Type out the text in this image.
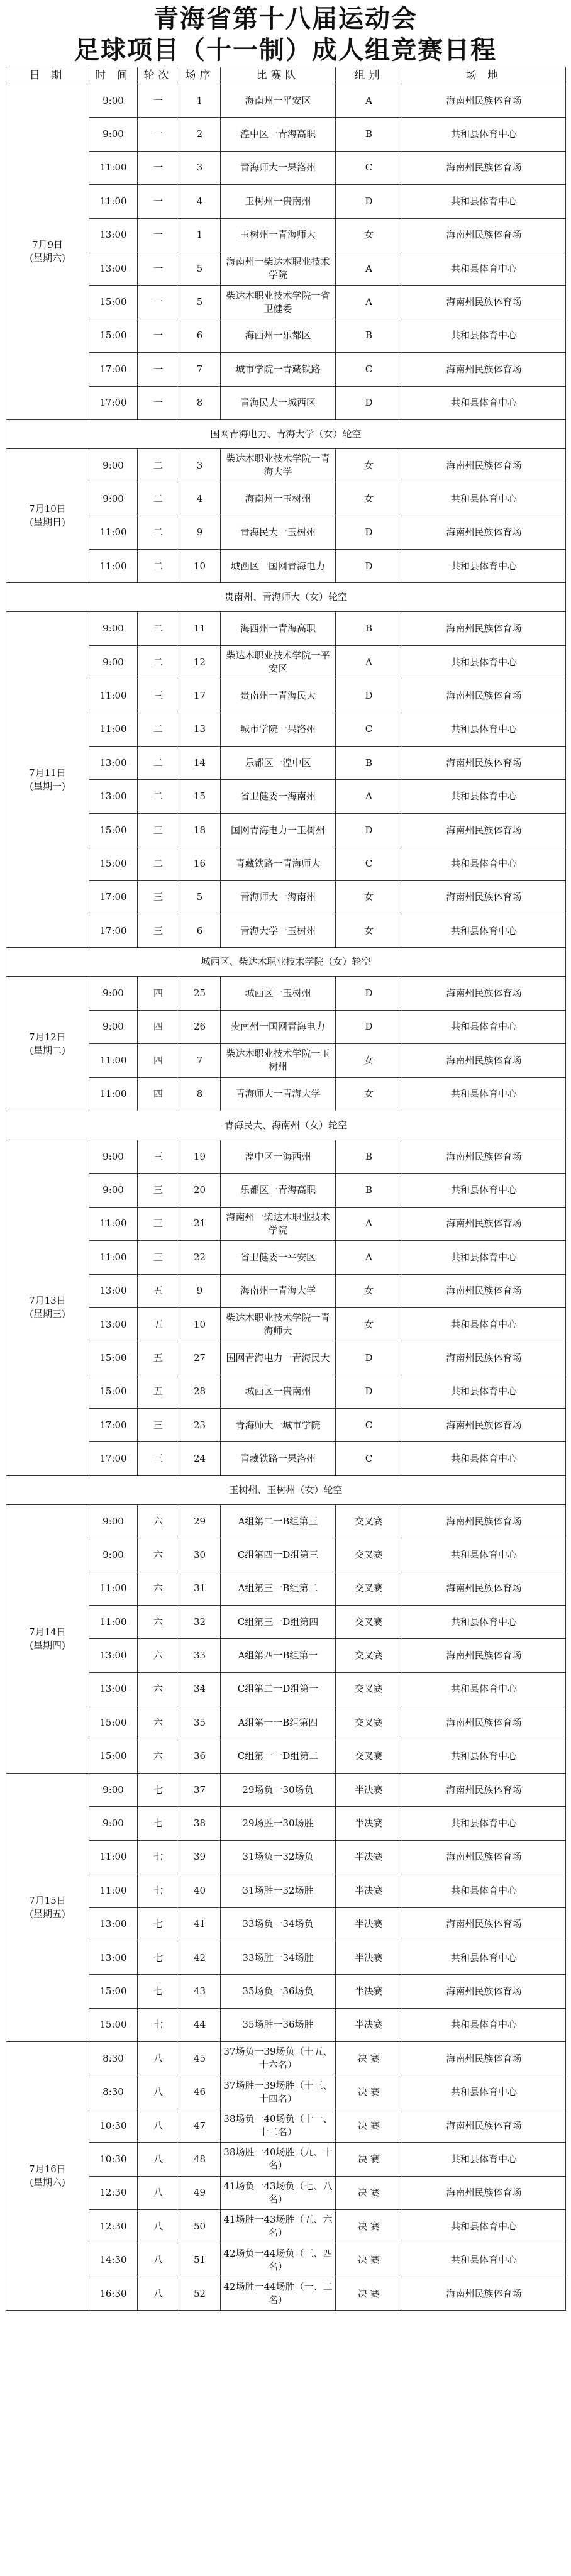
青海省第十八届运动会
足球项目（十一制）成人组竞赛日程
日 期	时 间	轮次	场序	比赛队	组别	场 地

7月9日
(星期六)	9:00	一	1	海南州一平安区	A	海南州民族体育场
	9:00	一	2	湟中区一青海高职	B	共和县体育中心
	11:00	一	3	青海师大一果洛州	C	海南州民族体育场
	11:00	一	4	玉树州一贵南州	D	共和县体育中心
	13:00	一	1	玉树州一青海师大	女	海南州民族体育场
	13:00	一	5	海南州一柴达木职业技术学院	A	共和县体育中心
	15:00	一	5	柴达木职业技术学院一省卫健委	A	海南州民族体育场
	15:00	一	6	海西州一乐都区	B	共和县体育中心
	17:00	一	7	城市学院一青藏铁路	C	海南州民族体育场
	17:00	一	8	青海民大一城西区	D	共和县体育中心
国网青海电力、青海大学（女）轮空						

7月10日
(星期日)	9:00	二	3	柴达木职业技术学院一青海大学	女	海南州民族体育场
	9:00	二	4	海南州一玉树州	女	共和县体育中心
	11:00	二	9	青海民大一玉树州	D	海南州民族体育场
	11:00	二	10	城西区一国网青海电力	D	共和县体育中心
贵南州、青海师大（女）轮空						

7月11日
(星期一)	9:00	二	11	海西州一青海高职	B	海南州民族体育场
	9:00	二	12	柴达木职业技术学院一平安区	A	共和县体育中心
	11:00	三	17	贵南州一青海民大	D	海南州民族体育场
	11:00	二	13	城市学院一果洛州	C	共和县体育中心
	13:00	二	14	乐都区一湟中区	B	海南州民族体育场
	13:00	二	15	省卫健委一海南州	A	共和县体育中心
	15:00	三	18	国网青海电力一玉树州	D	海南州民族体育场
	15:00	二	16	青藏铁路一青海师大	C	共和县体育中心
	17:00	三	5	青海师大一海南州	女	海南州民族体育场
	17:00	三	6	青海大学一玉树州	女	共和县体育中心
城西区、柴达木职业技术学院（女）轮空						

7月12日
(星期二)	9:00	四	25	城西区一玉树州	D	海南州民族体育场
	9:00	四	26	贵南州一国网青海电力	D	共和县体育中心
	11:00	四	7	柴达木职业技术学院一玉树州	女	海南州民族体育场
	11:00	四	8	青海师大一青海大学	女	共和县体育中心
青海民大、海南州（女）轮空						

7月13日
(星期三)	9:00	三	19	湟中区一海西州	B	海南州民族体育场
	9:00	三	20	乐都区一青海高职	B	共和县体育中心
	11:00	三	21	海南州一柴达木职业技术学院	A	海南州民族体育场
	11:00	三	22	省卫健委一平安区	A	共和县体育中心
	13:00	五	9	海南州一青海大学	女	海南州民族体育场
	13:00	五	10	柴达木职业技术学院一青海师大	女	共和县体育中心
	15:00	五	27	国网青海电力一青海民大	D	海南州民族体育场
	15:00	五	28	城西区一贵南州	D	共和县体育中心
	17:00	三	23	青海师大一城市学院	C	海南州民族体育场
	17:00	三	24	青藏铁路一果洛州	C	共和县体育中心
玉树州、玉树州（女）轮空						

7月14日
(星期四)	9:00	六	29	A组第二一B组第三	交叉赛	海南州民族体育场
	9:00	六	30	C组第四一D组第三	交叉赛	共和县体育中心
	11:00	六	31	A组第三一B组第二	交叉赛	海南州民族体育场
	11:00	六	32	C组第三一D组第四	交叉赛	共和县体育中心
	13:00	六	33	A组第四一B组第一	交叉赛	海南州民族体育场
	13:00	六	34	C组第二一D组第一	交叉赛	共和县体育中心
	15:00	六	35	A组第一一B组第四	交叉赛	海南州民族体育场
	15:00	六	36	C组第一一D组第二	交叉赛	共和县体育中心

7月15日
(星期五)	9:00	七	37	29场负一30场负	半决赛	海南州民族体育场
	9:00	七	38	29场胜一30场胜	半决赛	共和县体育中心
	11:00	七	39	31场负一32场负	半决赛	海南州民族体育场
	11:00	七	40	31场胜一32场胜	半决赛	共和县体育中心
	13:00	七	41	33场负一34场负	半决赛	海南州民族体育场
	13:00	七	42	33场胜一34场胜	半决赛	共和县体育中心
	15:00	七	43	35场负一36场负	半决赛	海南州民族体育场
	15:00	七	44	35场胜一36场胜	半决赛	共和县体育中心

7月16日
(星期六)	8:30	八	45	37场负一39场负（十五、十六名）	决 赛	海南州民族体育场
	8:30	八	46	37场胜一39场胜（十三、十四名）	决 赛	共和县体育中心
	10:30	八	47	38场负一40场负（十一、十二名）	决 赛	海南州民族体育场
	10:30	八	48	38场胜一40场胜（九、十名）	决 赛	共和县体育中心
	12:30	八	49	41场负一43场负（七、八名）	决 赛	海南州民族体育场
	12:30	八	50	41场胜一43场胜（五、六名）	决 赛	共和县体育中心
	14:30	八	51	42场负一44场负（三、四名）	决 赛	共和县体育中心
	16:30	八	52	42场胜一44场胜（一、二名）	决 赛	海南州民族体育场
